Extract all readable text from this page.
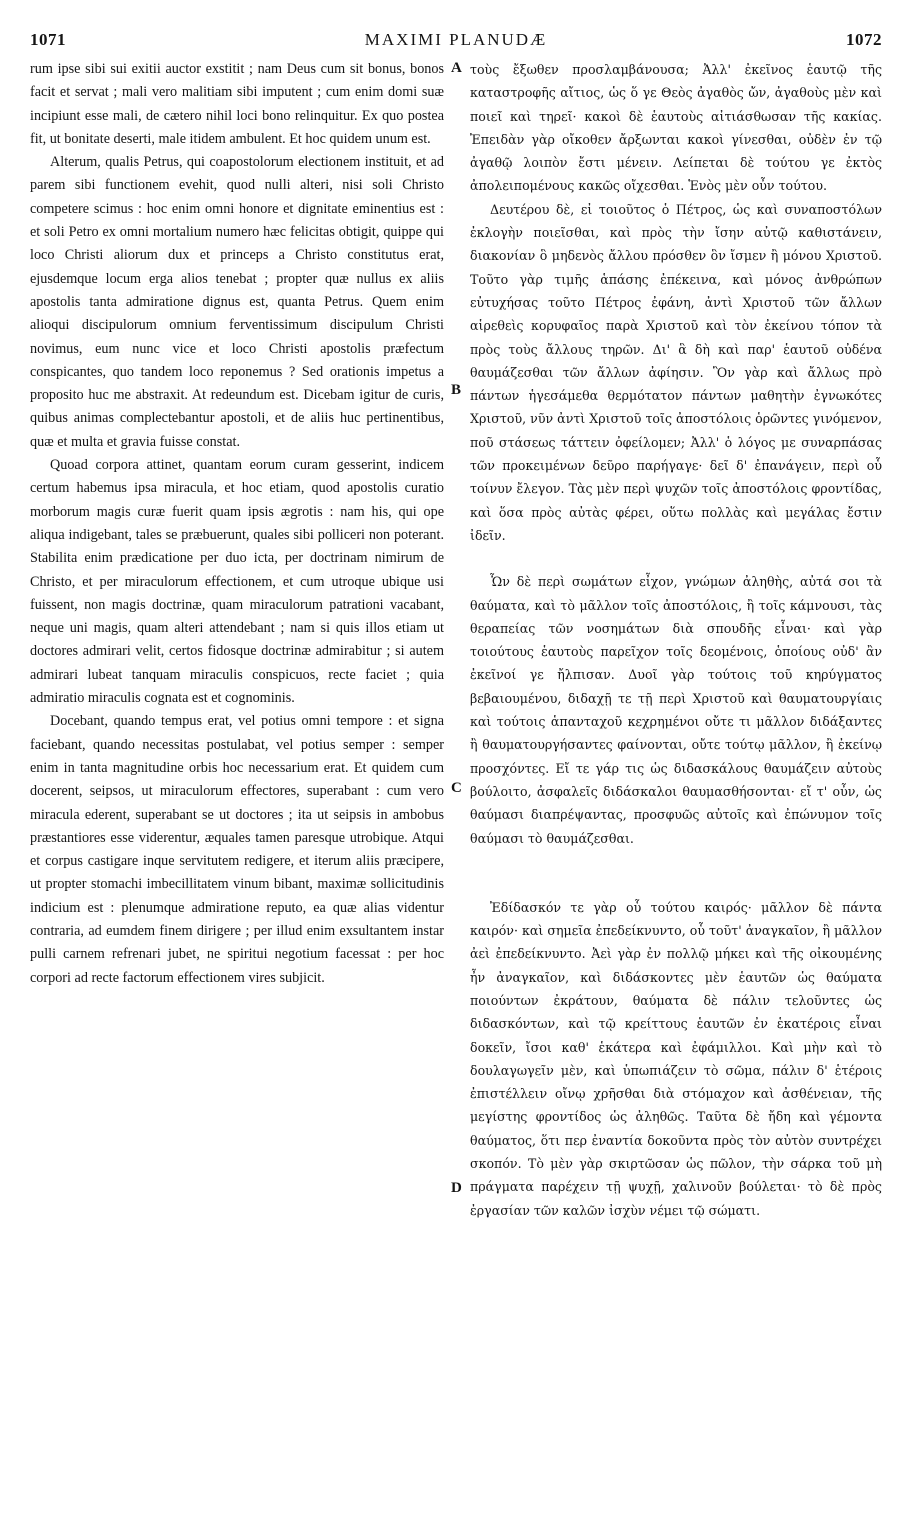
1071	MAXIMI PLANUDÆ	1072

rum ipse sibi sui exitii auctor exstitit ; nam Deus cum sit bonus, bonos facit et servat ; mali vero malitiam sibi imputent ; cum enim domi suæ incipiunt esse mali, de cætero nihil loci bono relinquitur. Ex quo postea fit, ut bonitate deserti, male itidem ambulent. Et hoc quidem unum est.

Alterum, qualis Petrus, qui coapostolorum electionem instituit, et ad parem sibi functionem evehit, quod nulli alteri, nisi soli Christo competere scimus : hoc enim omni honore et dignitate eminentius est : et soli Petro ex omni mortalium numero hæc felicitas obtigit, quippe qui loco Christi aliorum dux et princeps a Christo constitutus erat, ejusdemque locum erga alios tenebat ; propter quæ nullus ex aliis apostolis tanta admiratione dignus est, quanta Petrus. Quem enim alioqui discipulorum omnium ferventissimum discipulum Christi novimus, eum nunc vice et loco Christi apostolis præfectum conspicantes, quo tandem loco reponemus ? Sed orationis impetus a proposito huc me abstraxit. At redeundum est. Dicebam igitur de curis, quibus animas complectebantur apostoli, et de aliis huc pertinentibus, quæ et multa et gravia fuisse constat.

Quoad corpora attinet, quantam eorum curam gesserint, indicem certum habemus ipsa miracula, et hoc etiam, quod apostolis curatio morborum magis curæ fuerit quam ipsis ægrotis : nam his, qui ope aliqua indigebant, tales se præbuerunt, quales sibi polliceri non poterant. Stabilita enim prædicatione per duo icta, per doctrinam nimirum de Christo, et per miraculorum effectionem, et cum utroque ubique usi fuissent, non magis doctrinæ, quam miraculorum patrationi vacabant, neque uni magis, quam alteri attendebant ; nam si quis illos etiam ut doctores admirari velit, certos fidosque doctrinæ admirabitur ; si autem admirari lubeat tanquam miraculis conspicuos, recte faciet ; quia admiratio miraculis cognata est et cognominis.

Docebant, quando tempus erat, vel potius omni tempore : et signa faciebant, quando necessitas postulabat, vel potius semper : semper enim in tanta magnitudine orbis hoc necessarium erat. Et quidem cum docerent, seipsos, ut miraculorum effectores, superabant : cum vero miracula ederent, superabant se ut doctores ; ita ut seipsis in ambobus præstantiores esse viderentur, æquales tamen paresque utrobique. Atqui et corpus castigare inque servitutem redigere, et iterum aliis præcipere, ut propter stomachi imbecillitatem vinum bibant, maximæ sollicitudinis indicium est : plenumque admirationе reputo, ea quæ alias videntur contraria, ad eumdem finem dirigere ; per illud enim exsultantem instar pulli carnem refrenari jubet, ne spiritui negotium facessat : per hoc corpori ad recte factorum effectionem vires subjicit.

τοὺς ἔξωθεν προσλαμβάνουσα; Ἀλλ' ἐκεῖνος ἑαυτῷ τῆς καταστροφῆς αἴτιος, ὡς ὅ γε Θεὸς ἀγαθὸς ὤν, ἀγαθοὺς μὲν καὶ ποιεῖ καὶ τηρεῖ· κακοὶ δὲ ἑαυτοὺς αἰτιάσθωσαν τῆς κακίας. Ἐπειδὰν γὰρ οἴκοθεν ἄρξωνται κακοὶ γίνεσθαι, οὐδὲν ἐν τῷ ἀγαθῷ λοιπὸν ἔστι μένειν. Λείπεται δὲ τούτου γε ἐκτὸς ἀπολειπομένους κακῶς οἴχεσθαι. Ἑνὸς μὲν οὖν τούτου.

Δευτέρου δὲ, εἰ τοιοῦτος ὁ Πέτρος, ὡς καὶ συναποστόλων ἐκλογὴν ποιεῖσθαι, καὶ πρὸς τὴν ἴσην αὐτῷ καθιστάνειν, διακονίαν ὃ μηδενὸς ἄλλου πρόσθεν ὃν ἴσμεν ἢ μόνου Χριστοῦ. Τοῦτο γὰρ τιμῆς ἁπάσης ἐπέκεινα, καὶ μόνος ἀνθρώπων εὐτυχήσας τοῦτο Πέτρος ἐφάνη, ἀντὶ Χριστοῦ τῶν ἄλλων αἱρεθεὶς κορυφαῖος παρὰ Χριστοῦ καὶ τὸν ἐκείνου τόπον τὰ πρὸς τοὺς ἄλλους τηρῶν. Δι' ἃ δὴ καὶ παρ' ἑαυτοῦ οὐδένα θαυμάζεσθαι τῶν ἄλλων ἀφίησιν. Ὃν γὰρ καὶ ἄλλως πρὸ πάντων ἡγεσάμεθα θερμότατον πάντων μαθητὴν ἐγνωκότες Χριστοῦ, νῦν ἀντὶ Χριστοῦ τοῖς ἀποστόλοις ὁρῶντες γινόμενον, ποῦ στάσεως τάττειν ὀφείλομεν; Ἀλλ' ὁ λόγος με συναρπάσας τῶν προκειμένων δεῦρο παρήγαγε· δεῖ δ' ἐπανάγειν, περὶ οὗ τοίνυν ἔλεγον. Τὰς μὲν περὶ ψυχῶν τοῖς ἀποστόλοις φροντίδας, καὶ ὅσα πρὸς αὐτὰς φέρει, οὕτω πολλὰς καὶ μεγάλας ἔστιν ἰδεῖν.

Ὧν δὲ περὶ σωμάτων εἶχον, γνώμων ἀληθὴς, αὐτά σοι τὰ θαύματα, καὶ τὸ μᾶλλον τοῖς ἀποστόλοις, ἢ τοῖς κάμνουσι, τὰς θεραπείας τῶν νοσημάτων διὰ σπουδῆς εἶναι· καὶ γὰρ τοιούτους ἑαυτοὺς παρεῖχον τοῖς δεομένοις, ὁποίους οὐδ' ἂν ἐκεῖνοί γε ἤλπισαν. Δυοῖ γὰρ τούτοις τοῦ κηρύγματος βεβαιουμένου, διδαχῇ τε τῇ περὶ Χριστοῦ καὶ θαυματουργίαις καὶ τούτοις ἁπανταχοῦ κεχρημένοι οὔτε τι μᾶλλον διδάξαντες ἢ θαυματουργήσαντες φαίνονται, οὔτε τούτῳ μᾶλλον, ἢ ἐκείνῳ προσχόντες. Εἴ τε γάρ τις ὡς διδασκάλους θαυμάζειν αὐτοὺς βούλοιτο, ἀσφαλεῖς διδάσκαλοι θαυμασθήσονται· εἴ τ' οὖν, ὡς θαύμασι διαπρέψαντας, προσφυῶς αὐτοῖς καὶ ἐπώνυμον τοῖς θαύμασι τὸ θαυμάζεσθαι.

Ἐδίδασκόν τε γὰρ οὗ τούτου καιρός· μᾶλλον δὲ πάντα καιρόν· καὶ σημεῖα ἐπεδείκνυντο, οὗ τοῦτ' ἀναγκαῖον, ἢ μᾶλλον ἀεὶ ἐπεδείκνυντο. Ἀεὶ γὰρ ἐν πολλῷ μήκει καὶ τῆς οἰκουμένης ἦν ἀναγκαῖον, καὶ διδάσκοντες μὲν ἑαυτῶν ὡς θαύματα ποιούντων ἐκράτουν, θαύματα δὲ πάλιν τελοῦντες ὡς διδασκόντων, καὶ τῷ κρείττους ἑαυτῶν ἐν ἑκατέροις εἶναι δοκεῖν, ἴσοι καθ' ἑκάτερα καὶ ἐφάμιλλοι. Καὶ μὴν καὶ τὸ δουλαγωγεῖν μὲν, καὶ ὑπωπιάζειν τὸ σῶμα, πάλιν δ' ἑτέροις ἐπιστέλλειν οἴνῳ χρῆσθαι διὰ στόμαχον καὶ ἀσθένειαν, τῆς μεγίστης φροντίδος ὡς ἀληθῶς. Ταῦτα δὲ ἤδη καὶ γέμοντα θαύματος, ὅτι περ ἐναντία δοκοῦντα πρὸς τὸν αὐτὸν συντρέχει σκοπόν. Τὸ μὲν γὰρ σκιρτῶσαν ὡς πῶλον, τὴν σάρκα τοῦ μὴ πράγματα παρέχειν τῇ ψυχῇ, χαλινοῦν βούλεται· τὸ δὲ πρὸς ἐργασίαν τῶν καλῶν ἰσχὺν νέμει τῷ σώματι.

A
B
C
D
